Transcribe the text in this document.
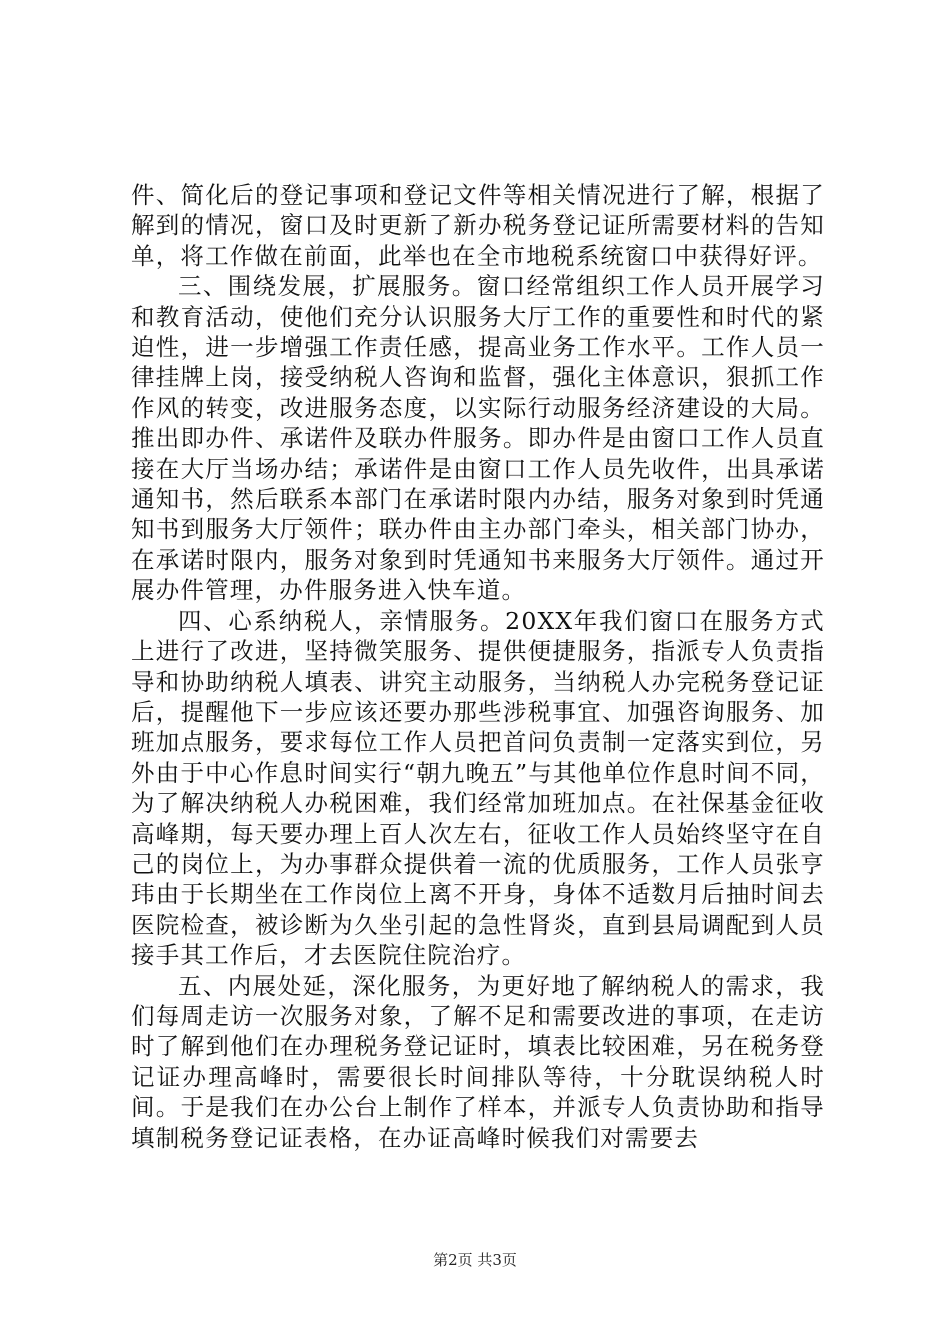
件、简化后的登记事项和登记文件等相关情况进行了解，根据了解到的情况，窗口及时更新了新办税务登记证所需要材料的告知单，将工作做在前面，此举也在全市地税系统窗口中获得好评。

三、围绕发展，扩展服务。窗口经常组织工作人员开展学习和教育活动，使他们充分认识服务大厅工作的重要性和时代的紧迫性，进一步增强工作责任感，提高业务工作水平。工作人员一律挂牌上岗，接受纳税人咨询和监督，强化主体意识，狠抓工作作风的转变，改进服务态度，以实际行动服务经济建设的大局。推出即办件、承诺件及联办件服务。即办件是由窗口工作人员直接在大厅当场办结；承诺件是由窗口工作人员先收件，出具承诺通知书，然后联系本部门在承诺时限内办结，服务对象到时凭通知书到服务大厅领件；联办件由主办部门牵头，相关部门协办，在承诺时限内，服务对象到时凭通知书来服务大厅领件。通过开展办件管理，办件服务进入快车道。

四、心系纳税人，亲情服务。20XX年我们窗口在服务方式上进行了改进，坚持微笑服务、提供便捷服务，指派专人负责指导和协助纳税人填表、讲究主动服务，当纳税人办完税务登记证后，提醒他下一步应该还要办那些涉税事宜、加强咨询服务、加班加点服务，要求每位工作人员把首问负责制一定落实到位，另外由于中心作息时间实行“朝九晚五”与其他单位作息时间不同，为了解决纳税人办税困难，我们经常加班加点。在社保基金征收高峰期，每天要办理上百人次左右，征收工作人员始终坚守在自己的岗位上，为办事群众提供着一流的优质服务，工作人员张亨玮由于长期坐在工作岗位上离不开身，身体不适数月后抽时间去医院检查，被诊断为久坐引起的急性肾炎，直到县局调配到人员接手其工作后，才去医院住院治疗。

五、内展处延，深化服务，为更好地了解纳税人的需求，我们每周走访一次服务对象，了解不足和需要改进的事项，在走访时了解到他们在办理税务登记证时，填表比较困难，另在税务登记证办理高峰时，需要很长时间排队等待，十分耽误纳税人时间。于是我们在办公台上制作了样本，并派专人负责协助和指导填制税务登记证表格，在办证高峰时候我们对需要去

第2页 共3页
